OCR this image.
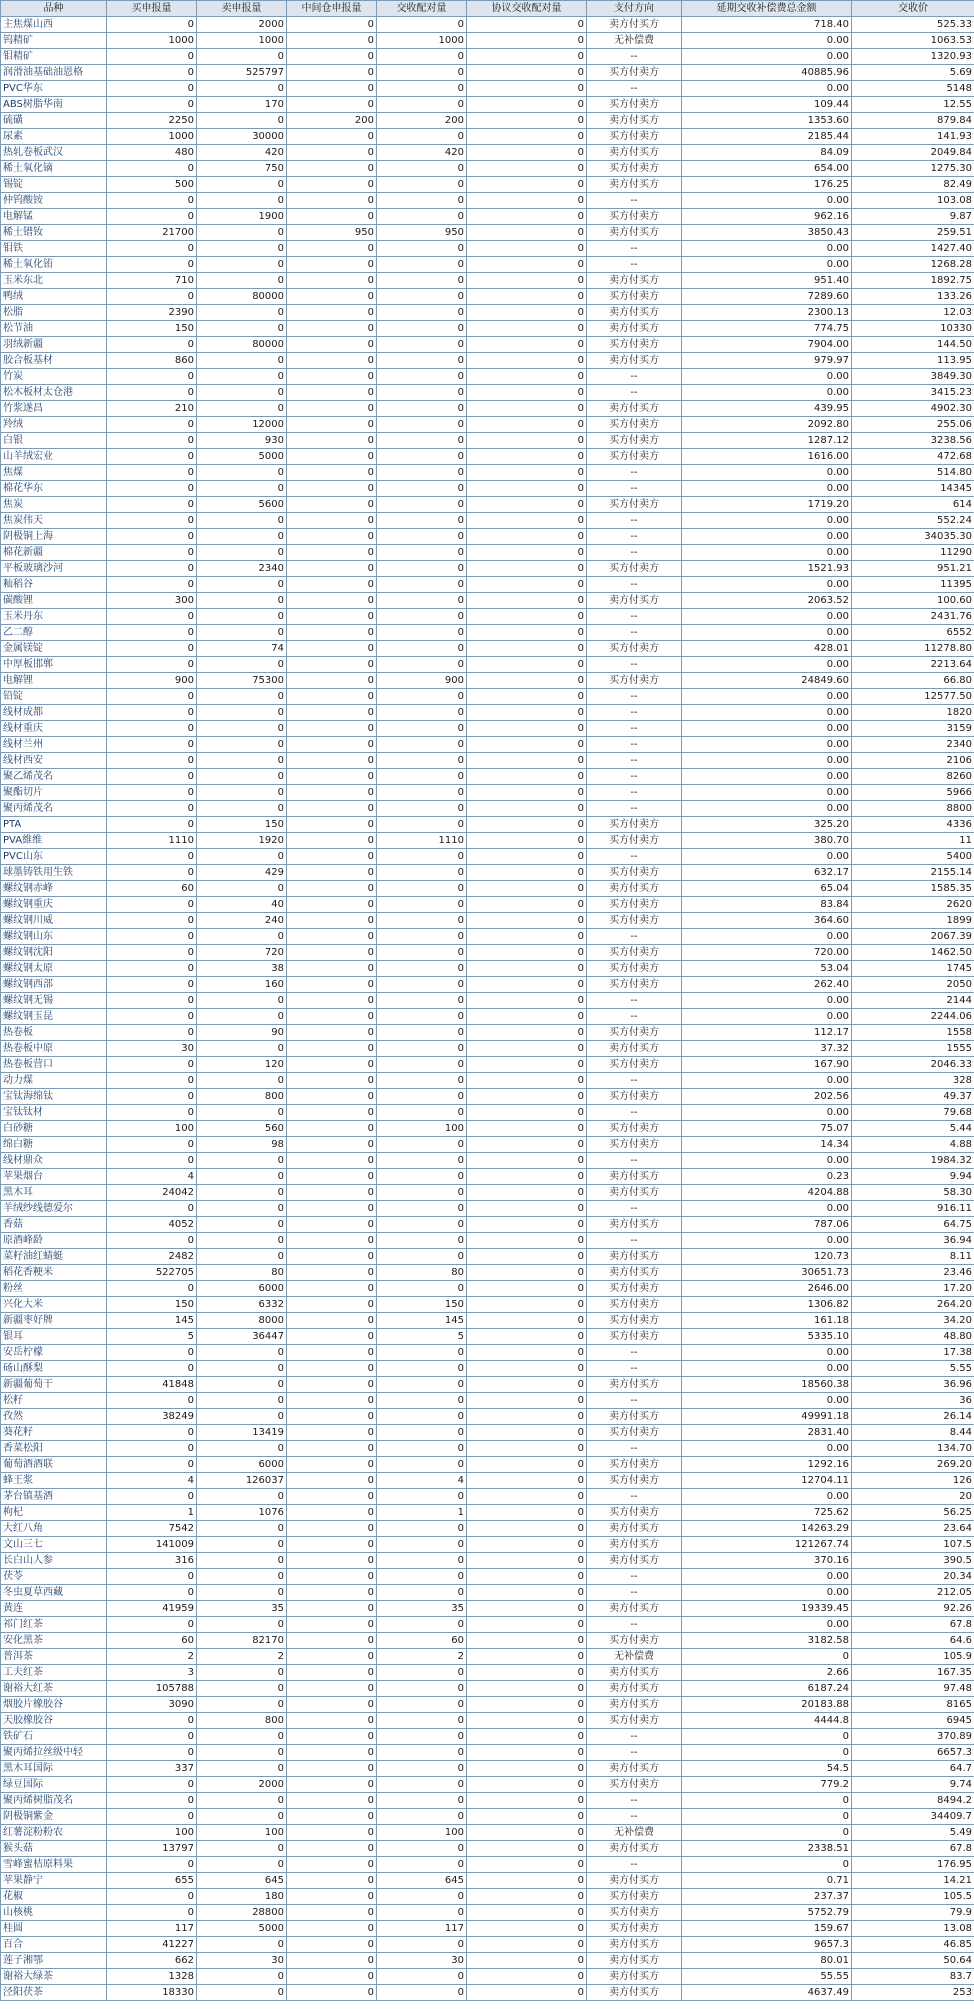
品种	买申报量	卖申报量	中间仓申报量	交收配对量	协议交收配对量	支付方向	延期交收补偿费总金额	交收价
主焦煤山西	0	2000	0	0	0	卖方付买方	718.40	525.33
钨精矿	1000	1000	0	1000	0	无补偿费	0.00	1063.53
钼精矿	0	0	0	0	0	--	0.00	1320.93
润滑油基础油恩格	0	525797	0	0	0	买方付卖方	40885.96	5.69
PVC华东	0	0	0	0	0	--	0.00	5148
ABS树脂华南	0	170	0	0	0	买方付卖方	109.44	12.55
硫磺	2250	0	200	200	0	卖方付买方	1353.60	879.84
尿素	1000	30000	0	0	0	买方付卖方	2185.44	141.93
热轧卷板武汉	480	420	0	420	0	卖方付买方	84.09	2049.84
稀土氧化镝	0	750	0	0	0	买方付卖方	654.00	1275.30
锡锭	500	0	0	0	0	卖方付买方	176.25	82.49
仲钨酸铵	0	0	0	0	0	--	0.00	103.08
电解锰	0	1900	0	0	0	买方付卖方	962.16	9.87
稀土镨钕	21700	0	950	950	0	卖方付买方	3850.43	259.51
钼铁	0	0	0	0	0	--	0.00	1427.40
稀土氧化铕	0	0	0	0	0	--	0.00	1268.28
玉米东北	710	0	0	0	0	卖方付买方	951.40	1892.75
鸭绒	0	80000	0	0	0	买方付卖方	7289.60	133.26
松脂	2390	0	0	0	0	卖方付买方	2300.13	12.03
松节油	150	0	0	0	0	卖方付买方	774.75	10330
羽绒新疆	0	80000	0	0	0	买方付卖方	7904.00	144.50
胶合板基材	860	0	0	0	0	卖方付买方	979.97	113.95
竹炭	0	0	0	0	0	--	0.00	3849.30
松木板材太仓港	0	0	0	0	0	--	0.00	3415.23
竹浆遂昌	210	0	0	0	0	卖方付买方	439.95	4902.30
羚绒	0	12000	0	0	0	买方付卖方	2092.80	255.06
白银	0	930	0	0	0	买方付卖方	1287.12	3238.56
山羊绒宏业	0	5000	0	0	0	买方付卖方	1616.00	472.68
焦煤	0	0	0	0	0	--	0.00	514.80
棉花华东	0	0	0	0	0	--	0.00	14345
焦炭	0	5600	0	0	0	买方付卖方	1719.20	614
焦炭伟天	0	0	0	0	0	--	0.00	552.24
阴极铜上海	0	0	0	0	0	--	0.00	34035.30
棉花新疆	0	0	0	0	0	--	0.00	11290
平板玻璃沙河	0	2340	0	0	0	买方付卖方	1521.93	951.21
籼稻谷	0	0	0	0	0	--	0.00	11395
碳酸锂	300	0	0	0	0	卖方付买方	2063.52	100.60
玉米丹东	0	0	0	0	0	--	0.00	2431.76
乙二醇	0	0	0	0	0	--	0.00	6552
金属镁锭	0	74	0	0	0	买方付卖方	428.01	11278.80
中厚板邯郸	0	0	0	0	0	--	0.00	2213.64
电解锂	900	75300	0	900	0	买方付卖方	24849.60	66.80
铅锭	0	0	0	0	0	--	0.00	12577.50
线材成都	0	0	0	0	0	--	0.00	1820
线材重庆	0	0	0	0	0	--	0.00	3159
线材兰州	0	0	0	0	0	--	0.00	2340
线材西安	0	0	0	0	0	--	0.00	2106
聚乙烯茂名	0	0	0	0	0	--	0.00	8260
聚酯切片	0	0	0	0	0	--	0.00	5966
聚丙烯茂名	0	0	0	0	0	--	0.00	8800
PTA	0	150	0	0	0	买方付卖方	325.20	4336
PVA維维	1110	1920	0	1110	0	买方付卖方	380.70	11
PVC山东	0	0	0	0	0	--	0.00	5400
球墨铸铁用生铁	0	429	0	0	0	买方付卖方	632.17	2155.14
螺纹钢赤峰	60	0	0	0	0	卖方付买方	65.04	1585.35
螺纹钢重庆	0	40	0	0	0	买方付卖方	83.84	2620
螺纹钢川威	0	240	0	0	0	买方付卖方	364.60	1899
螺纹钢山东	0	0	0	0	0	--	0.00	2067.39
螺纹钢沈阳	0	720	0	0	0	买方付卖方	720.00	1462.50
螺纹钢太原	0	38	0	0	0	买方付卖方	53.04	1745
螺纹钢西部	0	160	0	0	0	买方付卖方	262.40	2050
螺纹钢无锡	0	0	0	0	0	--	0.00	2144
螺纹钢玉昆	0	0	0	0	0	--	0.00	2244.06
热卷板	0	90	0	0	0	买方付卖方	112.17	1558
热卷板中原	30	0	0	0	0	卖方付买方	37.32	1555
热卷板营口	0	120	0	0	0	买方付卖方	167.90	2046.33
动力煤	0	0	0	0	0	--	0.00	328
宝钛海绵钛	0	800	0	0	0	买方付卖方	202.56	49.37
宝钛钛材	0	0	0	0	0	--	0.00	79.68
白砂糖	100	560	0	100	0	买方付卖方	75.07	5.44
绵白糖	0	98	0	0	0	买方付卖方	14.34	4.88
线材鼎众	0	0	0	0	0	--	0.00	1984.32
苹果烟台	4	0	0	0	0	卖方付买方	0.23	9.94
黑木耳	24042	0	0	0	0	卖方付买方	4204.88	58.30
羊绒纱线德爱尔	0	0	0	0	0	--	0.00	916.11
香菇	4052	0	0	0	0	卖方付买方	787.06	64.75
原酒峰龄	0	0	0	0	0	--	0.00	36.94
菜籽油红蜻蜓	2482	0	0	0	0	卖方付买方	120.73	8.11
稻花香粳米	522705	80	0	80	0	卖方付买方	30651.73	23.46
粉丝	0	6000	0	0	0	买方付卖方	2646.00	17.20
兴化大米	150	6332	0	150	0	买方付卖方	1306.82	264.20
新疆枣好牌	145	8000	0	145	0	买方付卖方	161.18	34.20
银耳	5	36447	0	5	0	买方付卖方	5335.10	48.80
安岳柠檬	0	0	0	0	0	--	0.00	17.38
砀山酥梨	0	0	0	0	0	--	0.00	5.55
新疆葡萄干	41848	0	0	0	0	卖方付买方	18560.38	36.96
松籽	0	0	0	0	0	--	0.00	36
孜然	38249	0	0	0	0	卖方付买方	49991.18	26.14
葵花籽	0	13419	0	0	0	买方付卖方	2831.40	8.44
香菜松阳	0	0	0	0	0	--	0.00	134.70
葡萄酒酒联	0	6000	0	0	0	买方付卖方	1292.16	269.20
蜂王浆	4	126037	0	4	0	买方付卖方	12704.11	126
茅台镇基酒	0	0	0	0	0	--	0.00	20
枸杞	1	1076	0	1	0	买方付卖方	725.62	56.25
大红八角	7542	0	0	0	0	卖方付买方	14263.29	23.64
文山三七	141009	0	0	0	0	卖方付买方	121267.74	107.5
长白山人参	316	0	0	0	0	卖方付买方	370.16	390.5
茯苓	0	0	0	0	0	--	0.00	20.34
冬虫夏草西藏	0	0	0	0	0	--	0.00	212.05
黄连	41959	35	0	35	0	卖方付买方	19339.45	92.26
祁门红茶	0	0	0	0	0	--	0.00	67.8
安化黑茶	60	82170	0	60	0	买方付卖方	3182.58	64.6
普洱茶	2	2	0	2	0	无补偿费	0	105.9
工夫红茶	3	0	0	0	0	卖方付买方	2.66	167.35
谢裕大红茶	105788	0	0	0	0	卖方付买方	6187.24	97.48
烟胶片橡胶谷	3090	0	0	0	0	卖方付买方	20183.88	8165
天胶橡胶谷	0	800	0	0	0	买方付卖方	4444.8	6945
铁矿石	0	0	0	0	0	--	0	370.89
聚丙烯拉丝级中轻	0	0	0	0	0	--	0	6657.3
黑木耳国际	337	0	0	0	0	卖方付买方	54.5	64.7
绿豆国际	0	2000	0	0	0	买方付卖方	779.2	9.74
聚丙烯树脂茂名	0	0	0	0	0	--	0	8494.2
阴极铜紫金	0	0	0	0	0	--	0	34409.7
红薯淀粉粉农	100	100	0	100	0	无补偿费	0	5.49
猴头菇	13797	0	0	0	0	卖方付买方	2338.51	67.8
雪峰蜜桔原料果	0	0	0	0	0	--	0	176.95
苹果静宁	655	645	0	645	0	卖方付买方	0.71	14.21
花椒	0	180	0	0	0	买方付卖方	237.37	105.5
山核桃	0	28800	0	0	0	买方付卖方	5752.79	79.9
桂圆	117	5000	0	117	0	买方付卖方	159.67	13.08
百合	41227	0	0	0	0	卖方付买方	9657.3	46.85
莲子湘鄂	662	30	0	30	0	卖方付买方	80.01	50.64
谢裕大绿茶	1328	0	0	0	0	卖方付买方	55.55	83.7
泾阳茯茶	18330	0	0	0	0	卖方付买方	4637.49	253
